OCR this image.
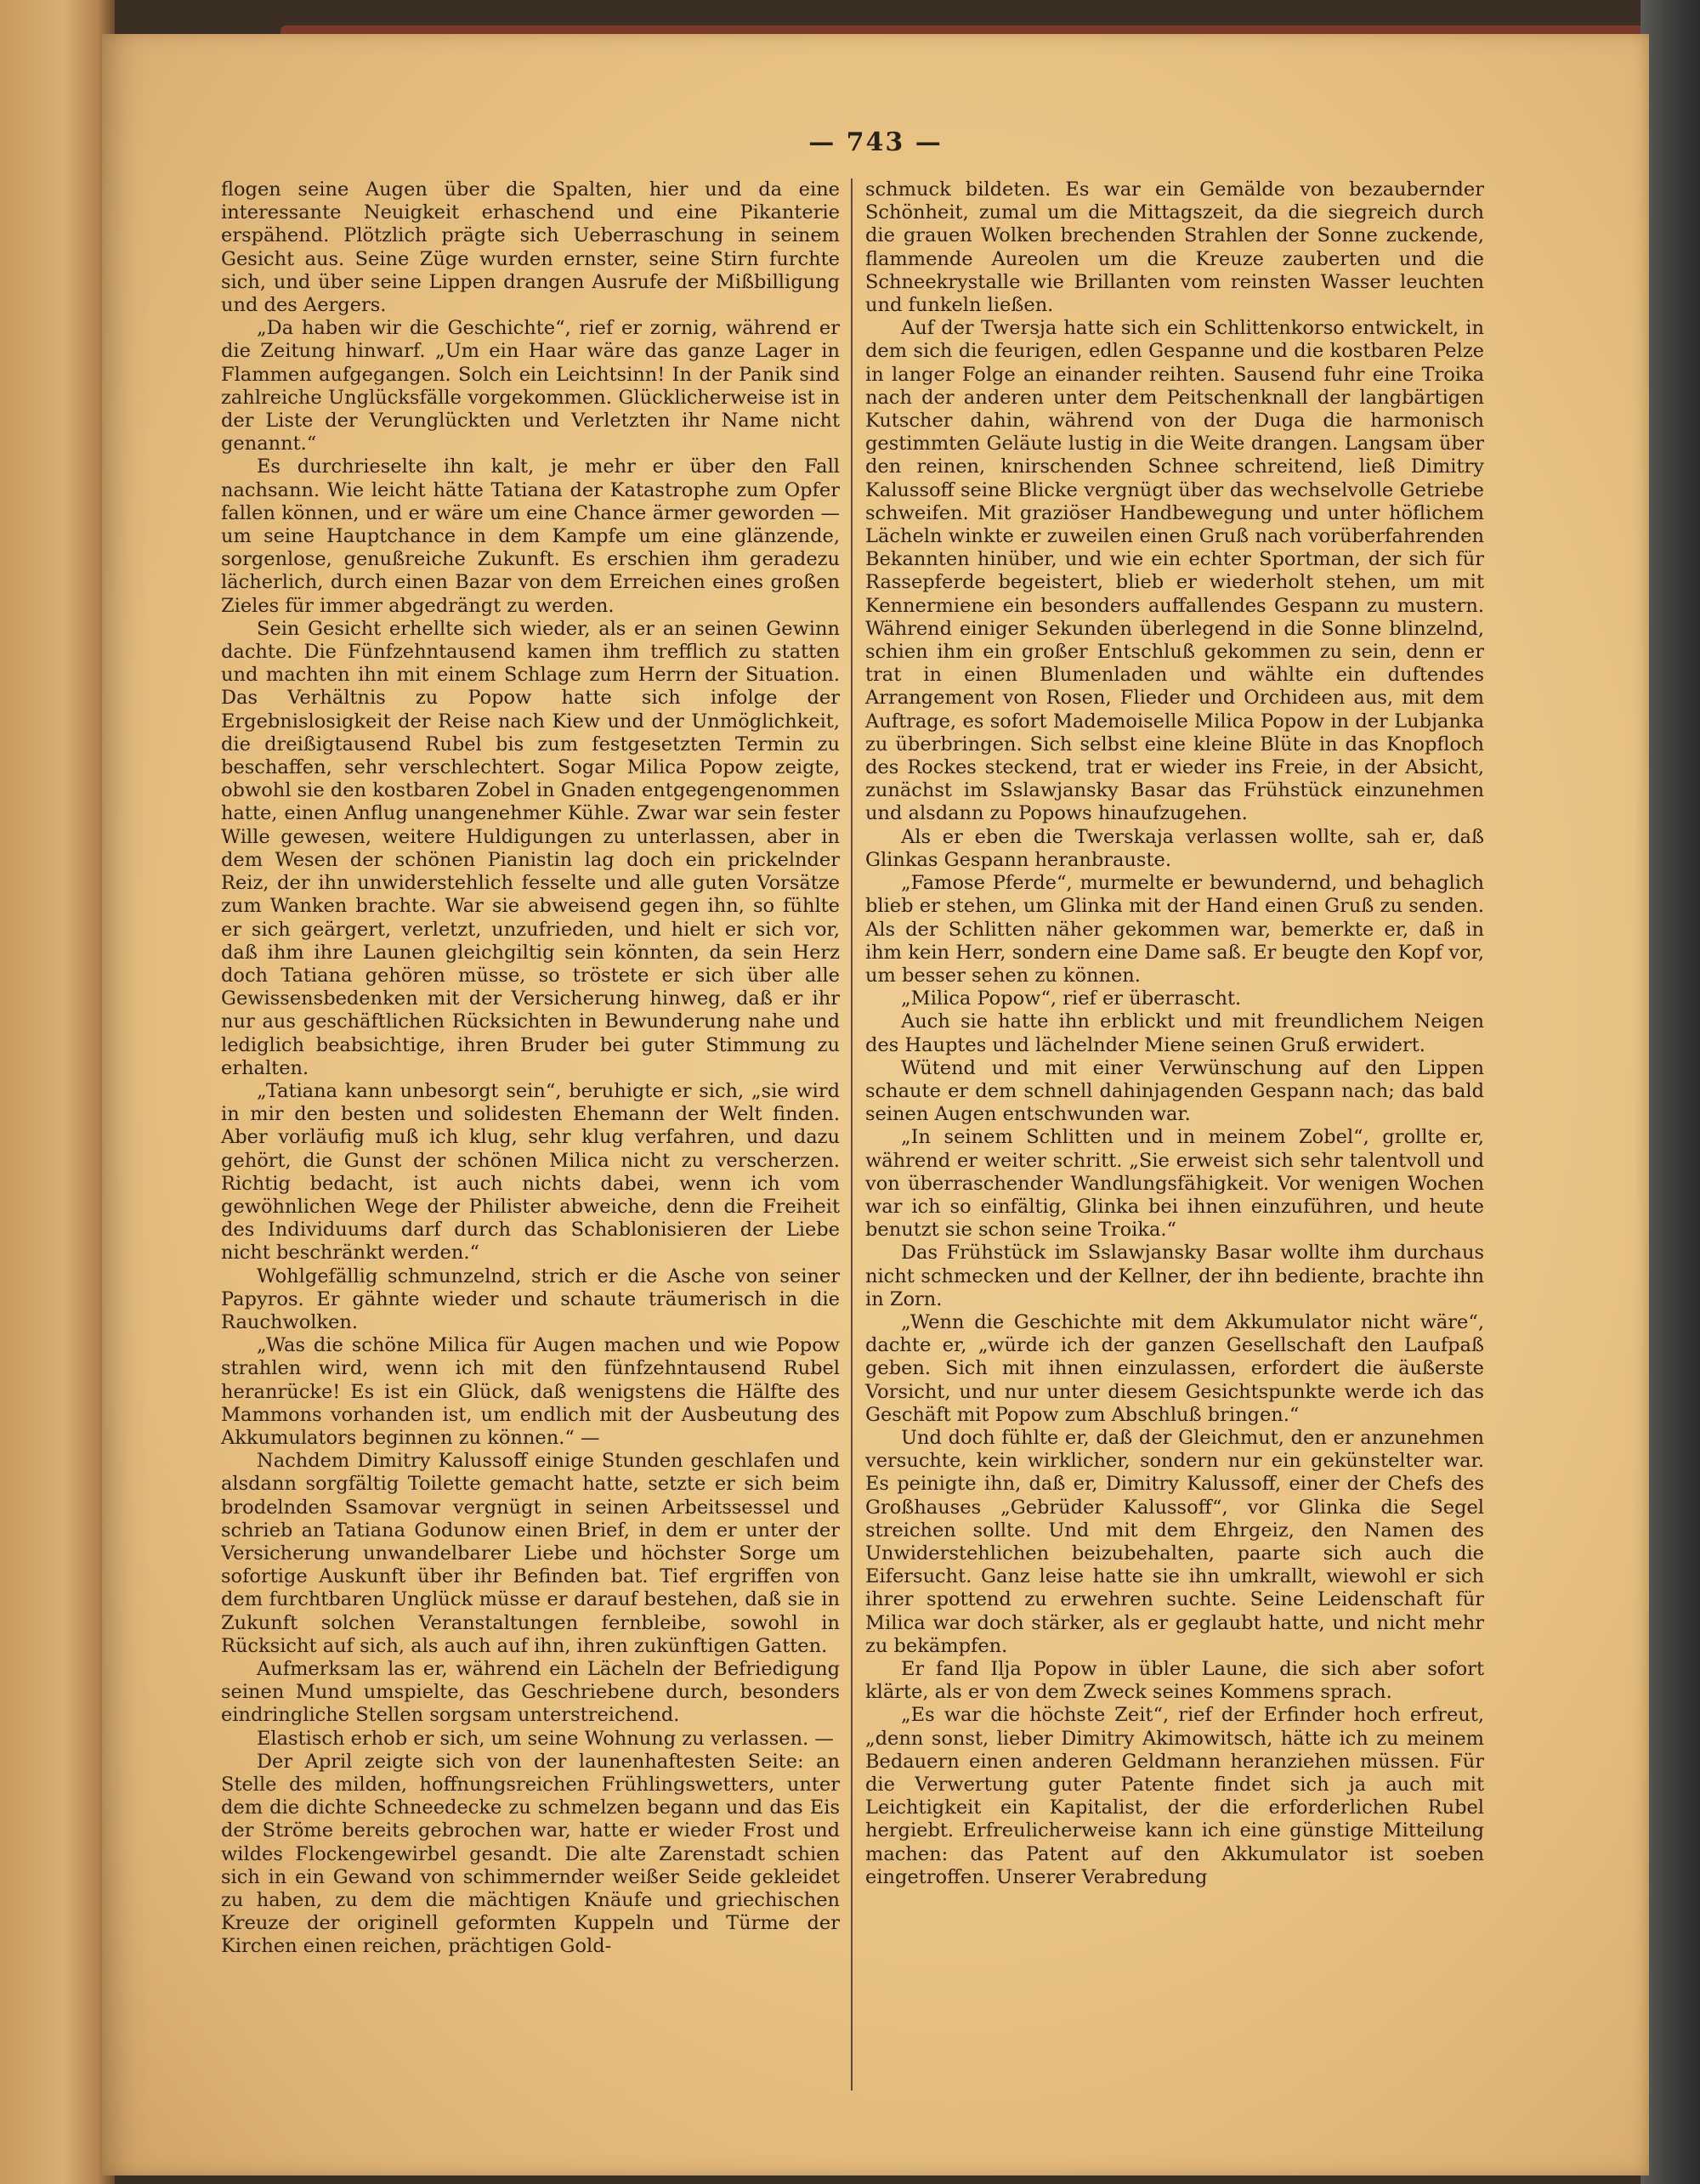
— 743 —

flogen seine Augen über die Spalten, hier und da eine interessante Neuigkeit erhaschend und eine Pikanterie erspähend. Plötzlich prägte sich Ueberraschung in seinem Gesicht aus. Seine Züge wurden ernster, seine Stirn furchte sich, und über seine Lippen drangen Ausrufe der Mißbilligung und des Aergers.

„Da haben wir die Geschichte“, rief er zornig, während er die Zeitung hinwarf. „Um ein Haar wäre das ganze Lager in Flammen aufgegangen. Solch ein Leichtsinn! In der Panik sind zahlreiche Unglücksfälle vorgekommen. Glücklicherweise ist in der Liste der Verunglückten und Verletzten ihr Name nicht genannt.“

Es durchrieselte ihn kalt, je mehr er über den Fall nachsann. Wie leicht hätte Tatiana der Katastrophe zum Opfer fallen können, und er wäre um eine Chance ärmer geworden — um seine Hauptchance in dem Kampfe um eine glänzende, sorgenlose, genußreiche Zukunft. Es erschien ihm geradezu lächerlich, durch einen Bazar von dem Erreichen eines großen Zieles für immer abgedrängt zu werden.

Sein Gesicht erhellte sich wieder, als er an seinen Gewinn dachte. Die Fünfzehntausend kamen ihm trefflich zu statten und machten ihn mit einem Schlage zum Herrn der Situation. Das Verhältnis zu Popow hatte sich infolge der Ergebnislosigkeit der Reise nach Kiew und der Unmöglichkeit, die dreißigtausend Rubel bis zum festgesetzten Termin zu beschaffen, sehr verschlechtert. Sogar Milica Popow zeigte, obwohl sie den kostbaren Zobel in Gnaden entgegengenommen hatte, einen Anflug unangenehmer Kühle. Zwar war sein fester Wille gewesen, weitere Huldigungen zu unterlassen, aber in dem Wesen der schönen Pianistin lag doch ein prickelnder Reiz, der ihn unwiderstehlich fesselte und alle guten Vorsätze zum Wanken brachte. War sie abweisend gegen ihn, so fühlte er sich geärgert, verletzt, unzufrieden, und hielt er sich vor, daß ihm ihre Launen gleichgiltig sein könnten, da sein Herz doch Tatiana gehören müsse, so tröstete er sich über alle Gewissensbedenken mit der Versicherung hinweg, daß er ihr nur aus geschäftlichen Rücksichten in Bewunderung nahe und lediglich beabsichtige, ihren Bruder bei guter Stimmung zu erhalten.

„Tatiana kann unbesorgt sein“, beruhigte er sich, „sie wird in mir den besten und solidesten Ehemann der Welt finden. Aber vorläufig muß ich klug, sehr klug verfahren, und dazu gehört, die Gunst der schönen Milica nicht zu verscherzen. Richtig bedacht, ist auch nichts dabei, wenn ich vom gewöhnlichen Wege der Philister abweiche, denn die Freiheit des Individuums darf durch das Schablonisieren der Liebe nicht beschränkt werden.“

Wohlgefällig schmunzelnd, strich er die Asche von seiner Papyros. Er gähnte wieder und schaute träumerisch in die Rauchwolken.

„Was die schöne Milica für Augen machen und wie Popow strahlen wird, wenn ich mit den fünfzehntausend Rubel heranrücke! Es ist ein Glück, daß wenigstens die Hälfte des Mammons vorhanden ist, um endlich mit der Ausbeutung des Akkumulators beginnen zu können.“ —

Nachdem Dimitry Kalussoff einige Stunden geschlafen und alsdann sorgfältig Toilette gemacht hatte, setzte er sich beim brodelnden Ssamovar vergnügt in seinen Arbeitssessel und schrieb an Tatiana Godunow einen Brief, in dem er unter der Versicherung unwandelbarer Liebe und höchster Sorge um sofortige Auskunft über ihr Befinden bat. Tief ergriffen von dem furchtbaren Unglück müsse er darauf bestehen, daß sie in Zukunft solchen Veranstaltungen fernbleibe, sowohl in Rücksicht auf sich, als auch auf ihn, ihren zukünftigen Gatten.

Aufmerksam las er, während ein Lächeln der Befriedigung seinen Mund umspielte, das Geschriebene durch, besonders eindringliche Stellen sorgsam unterstreichend.

Elastisch erhob er sich, um seine Wohnung zu verlassen. —

Der April zeigte sich von der launenhaftesten Seite: an Stelle des milden, hoffnungsreichen Frühlingswetters, unter dem die dichte Schneedecke zu schmelzen begann und das Eis der Ströme bereits gebrochen war, hatte er wieder Frost und wildes Flockengewirbel gesandt. Die alte Zarenstadt schien sich in ein Gewand von schimmernder weißer Seide gekleidet zu haben, zu dem die mächtigen Knäufe und griechischen Kreuze der originell geformten Kuppeln und Türme der Kirchen einen reichen, prächtigen Gold-

schmuck bildeten. Es war ein Gemälde von bezaubernder Schönheit, zumal um die Mittagszeit, da die siegreich durch die grauen Wolken brechenden Strahlen der Sonne zuckende, flammende Aureolen um die Kreuze zauberten und die Schneekrystalle wie Brillanten vom reinsten Wasser leuchten und funkeln ließen.

Auf der Twersja hatte sich ein Schlittenkorso entwickelt, in dem sich die feurigen, edlen Gespanne und die kostbaren Pelze in langer Folge an einander reihten. Sausend fuhr eine Troika nach der anderen unter dem Peitschenknall der langbärtigen Kutscher dahin, während von der Duga die harmonisch gestimmten Geläute lustig in die Weite drangen. Langsam über den reinen, knirschenden Schnee schreitend, ließ Dimitry Kalussoff seine Blicke vergnügt über das wechselvolle Getriebe schweifen. Mit graziöser Handbewegung und unter höflichem Lächeln winkte er zuweilen einen Gruß nach vorüberfahrenden Bekannten hinüber, und wie ein echter Sportman, der sich für Rassepferde begeistert, blieb er wiederholt stehen, um mit Kennermiene ein besonders auffallendes Gespann zu mustern. Während einiger Sekunden überlegend in die Sonne blinzelnd, schien ihm ein großer Entschluß gekommen zu sein, denn er trat in einen Blumenladen und wählte ein duftendes Arrangement von Rosen, Flieder und Orchideen aus, mit dem Auftrage, es sofort Mademoiselle Milica Popow in der Lubjanka zu überbringen. Sich selbst eine kleine Blüte in das Knopfloch des Rockes steckend, trat er wieder ins Freie, in der Absicht, zunächst im Sslawjansky Basar das Frühstück einzunehmen und alsdann zu Popows hinaufzugehen.

Als er eben die Twerskaja verlassen wollte, sah er, daß Glinkas Gespann heranbrauste.

„Famose Pferde“, murmelte er bewundernd, und behaglich blieb er stehen, um Glinka mit der Hand einen Gruß zu senden. Als der Schlitten näher gekommen war, bemerkte er, daß in ihm kein Herr, sondern eine Dame saß. Er beugte den Kopf vor, um besser sehen zu können.

„Milica Popow“, rief er überrascht.

Auch sie hatte ihn erblickt und mit freundlichem Neigen des Hauptes und lächelnder Miene seinen Gruß erwidert.

Wütend und mit einer Verwünschung auf den Lippen schaute er dem schnell dahinjagenden Gespann nach; das bald seinen Augen entschwunden war.

„In seinem Schlitten und in meinem Zobel“, grollte er, während er weiter schritt. „Sie erweist sich sehr talentvoll und von überraschender Wandlungsfähigkeit. Vor wenigen Wochen war ich so einfältig, Glinka bei ihnen einzuführen, und heute benutzt sie schon seine Troika.“

Das Frühstück im Sslawjansky Basar wollte ihm durchaus nicht schmecken und der Kellner, der ihn bediente, brachte ihn in Zorn.

„Wenn die Geschichte mit dem Akkumulator nicht wäre“, dachte er, „würde ich der ganzen Gesellschaft den Laufpaß geben. Sich mit ihnen einzulassen, erfordert die äußerste Vorsicht, und nur unter diesem Gesichtspunkte werde ich das Geschäft mit Popow zum Abschluß bringen.“

Und doch fühlte er, daß der Gleichmut, den er anzunehmen versuchte, kein wirklicher, sondern nur ein gekünstelter war. Es peinigte ihn, daß er, Dimitry Kalussoff, einer der Chefs des Großhauses „Gebrüder Kalussoff“, vor Glinka die Segel streichen sollte. Und mit dem Ehrgeiz, den Namen des Unwiderstehlichen beizubehalten, paarte sich auch die Eifersucht. Ganz leise hatte sie ihn umkrallt, wiewohl er sich ihrer spottend zu erwehren suchte. Seine Leidenschaft für Milica war doch stärker, als er geglaubt hatte, und nicht mehr zu bekämpfen.

Er fand Ilja Popow in übler Laune, die sich aber sofort klärte, als er von dem Zweck seines Kommens sprach.

„Es war die höchste Zeit“, rief der Erfinder hoch erfreut, „denn sonst, lieber Dimitry Akimowitsch, hätte ich zu meinem Bedauern einen anderen Geldmann heranziehen müssen. Für die Verwertung guter Patente findet sich ja auch mit Leichtigkeit ein Kapitalist, der die erforderlichen Rubel hergiebt. Erfreulicherweise kann ich eine günstige Mitteilung machen: das Patent auf den Akkumulator ist soeben eingetroffen. Unserer Verabredung
